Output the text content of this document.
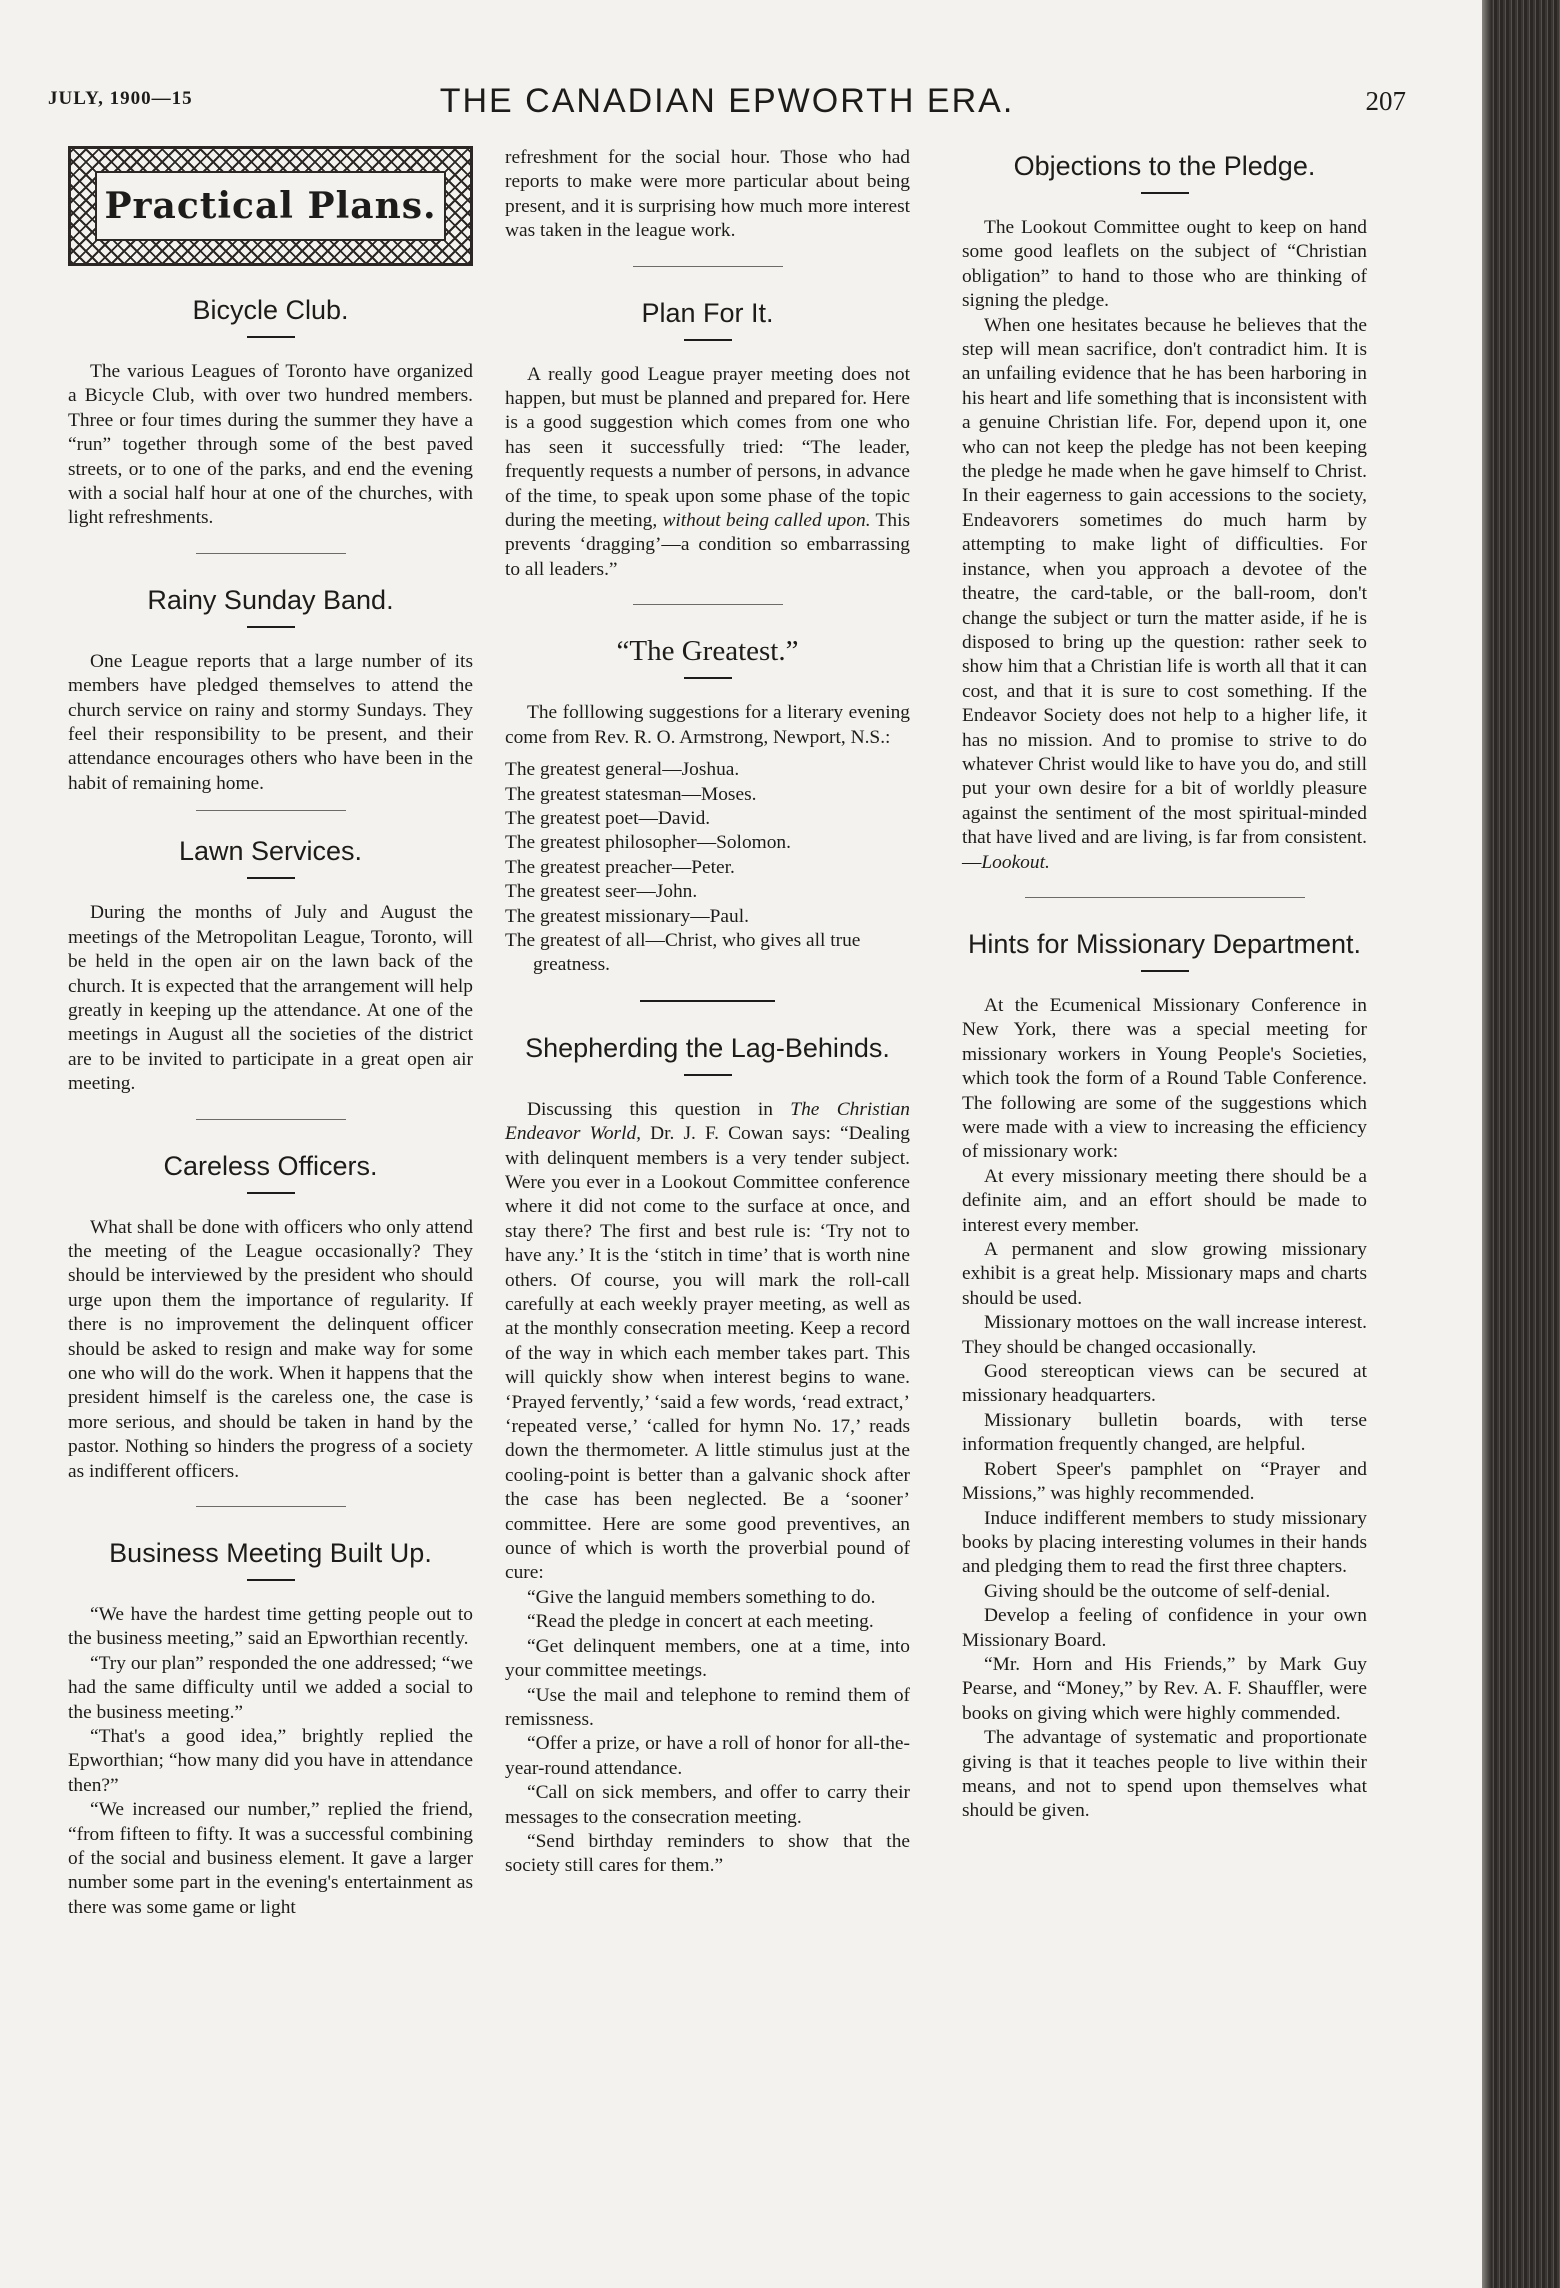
JULY, 1900—15	THE CANADIAN EPWORTH ERA.	207
Practical Plans.
Bicycle Club.

The various Leagues of Toronto have organized a Bicycle Club, with over two hundred members. Three or four times during the summer they have a “run” together through some of the best paved streets, or to one of the parks, and end the evening with a social half hour at one of the churches, with light refreshments.

Rainy Sunday Band.

One League reports that a large number of its members have pledged themselves to attend the church service on rainy and stormy Sundays. They feel their responsibility to be present, and their attendance encourages others who have been in the habit of remaining home.

Lawn Services.

During the months of July and August the meetings of the Metropolitan League, Toronto, will be held in the open air on the lawn back of the church. It is expected that the arrangement will help greatly in keeping up the attendance. At one of the meetings in August all the societies of the district are to be invited to participate in a great open air meeting.

Careless Officers.

What shall be done with officers who only attend the meeting of the League occasionally? They should be interviewed by the president who should urge upon them the importance of regularity. If there is no improvement the delinquent officer should be asked to resign and make way for some one who will do the work. When it happens that the president himself is the careless one, the case is more serious, and should be taken in hand by the pastor. Nothing so hinders the progress of a society as indifferent officers.

Business Meeting Built Up.

“We have the hardest time getting people out to the business meeting,” said an Epworthian recently.

“Try our plan” responded the one addressed; “we had the same difficulty until we added a social to the business meeting.”

“That's a good idea,” brightly replied the Epworthian; “how many did you have in attendance then?”

“We increased our number,” replied the friend, “from fifteen to fifty. It was a successful combining of the social and business element. It gave a larger number some part in the evening's entertainment as there was some game or light

refreshment for the social hour. Those who had reports to make were more particular about being present, and it is surprising how much more interest was taken in the league work.

Plan For It.

A really good League prayer meeting does not happen, but must be planned and prepared for. Here is a good suggestion which comes from one who has seen it successfully tried: “The leader, frequently requests a number of persons, in advance of the time, to speak upon some phase of the topic during the meeting, without being called upon. This prevents ‘dragging’—a condition so embarrassing to all leaders.”

“The Greatest.”

The folllowing suggestions for a literary evening come from Rev. R. O. Armstrong, Newport, N.S.:

The greatest general—Joshua.
The greatest statesman—Moses.
The greatest poet—David.
The greatest philosopher—Solomon.
The greatest preacher—Peter.
The greatest seer—John.
The greatest missionary—Paul.
The greatest of all—Christ, who gives all true greatness.
Shepherding the Lag-Behinds.

Discussing this question in The Christian Endeavor World, Dr. J. F. Cowan says: “Dealing with delinquent members is a very tender subject. Were you ever in a Lookout Committee conference where it did not come to the surface at once, and stay there? The first and best rule is: ‘Try not to have any.’ It is the ‘stitch in time’ that is worth nine others. Of course, you will mark the roll-call carefully at each weekly prayer meeting, as well as at the monthly consecration meeting. Keep a record of the way in which each member takes part. This will quickly show when interest begins to wane. ‘Prayed fervently,’ ‘said a few words, ‘read extract,’ ‘repeated verse,’ ‘called for hymn No. 17,’ reads down the thermometer. A little stimulus just at the cooling-point is better than a galvanic shock after the case has been neglected. Be a ‘sooner’ committee. Here are some good preventives, an ounce of which is worth the proverbial pound of cure:

“Give the languid members something to do.

“Read the pledge in concert at each meeting.

“Get delinquent members, one at a time, into your committee meetings.

“Use the mail and telephone to remind them of remissness.

“Offer a prize, or have a roll of honor for all-the-year-round attendance.

“Call on sick members, and offer to carry their messages to the consecration meeting.

“Send birthday reminders to show that the society still cares for them.”

Objections to the Pledge.

The Lookout Committee ought to keep on hand some good leaflets on the subject of “Christian obligation” to hand to those who are thinking of signing the pledge.

When one hesitates because he believes that the step will mean sacrifice, don't contradict him. It is an unfailing evidence that he has been harboring in his heart and life something that is inconsistent with a genuine Christian life. For, depend upon it, one who can not keep the pledge has not been keeping the pledge he made when he gave himself to Christ. In their eagerness to gain accessions to the society, Endeavorers sometimes do much harm by attempting to make light of difficulties. For instance, when you approach a devotee of the theatre, the card-table, or the ball-room, don't change the subject or turn the matter aside, if he is disposed to bring up the question: rather seek to show him that a Christian life is worth all that it can cost, and that it is sure to cost something. If the Endeavor Society does not help to a higher life, it has no mission. And to promise to strive to do whatever Christ would like to have you do, and still put your own desire for a bit of worldly pleasure against the sentiment of the most spiritual-minded that have lived and are living, is far from consistent.—Lookout.

Hints for Missionary Department.

At the Ecumenical Missionary Conference in New York, there was a special meeting for missionary workers in Young People's Societies, which took the form of a Round Table Conference. The following are some of the suggestions which were made with a view to increasing the efficiency of missionary work:

At every missionary meeting there should be a definite aim, and an effort should be made to interest every member.

A permanent and slow growing missionary exhibit is a great help. Missionary maps and charts should be used.

Missionary mottoes on the wall increase interest. They should be changed occasionally.

Good stereoptican views can be secured at missionary headquarters.

Missionary bulletin boards, with terse information frequently changed, are helpful.

Robert Speer's pamphlet on “Prayer and Missions,” was highly recommended.

Induce indifferent members to study missionary books by placing interesting volumes in their hands and pledging them to read the first three chapters.

Giving should be the outcome of self-denial.

Develop a feeling of confidence in your own Missionary Board.

“Mr. Horn and His Friends,” by Mark Guy Pearse, and “Money,” by Rev. A. F. Shauffler, were books on giving which were highly commended.

The advantage of systematic and proportionate giving is that it teaches people to live within their means, and not to spend upon themselves what should be given.
